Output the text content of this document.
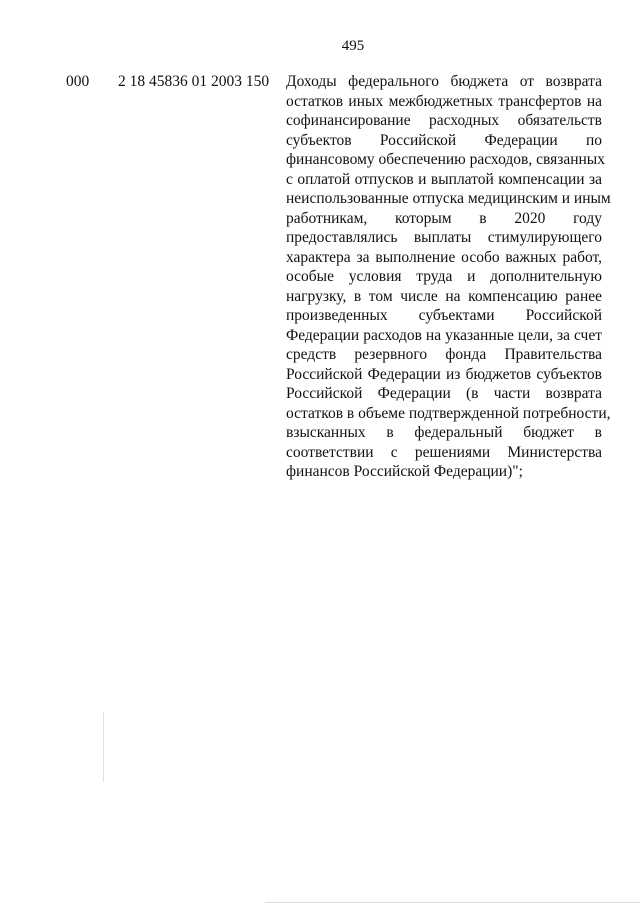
495
000 2 18 45836 01 2003 150 Доходы федерального бюджета от возврата
остатков иных межбюджетных трансфертов на
софинансирование расходных обязательств
субъектов Российской Федерации по
финансовому обеспечению расходов, связанных
с оплатой отпусков и выплатой компенсации за
неиспользованные отпуска медицинским и иным
работникам, которым в 2020 году
предоставлялись выплаты стимулирующего
характера за выполнение особо важных работ,
особые условия труда и дополнительную
нагрузку, в том числе на компенсацию ранее
произведенных субъектами Российской
Федерации расходов на указанные цели, за счет
средств резервного фонда Правительства
Российской Федерации из бюджетов субъектов
Российской Федерации (в части возврата
остатков в объеме подтвержденной потребности,
взысканных в федеральный бюджет в
соответствии с решениями Министерства
финансов Российской Федерации)";
